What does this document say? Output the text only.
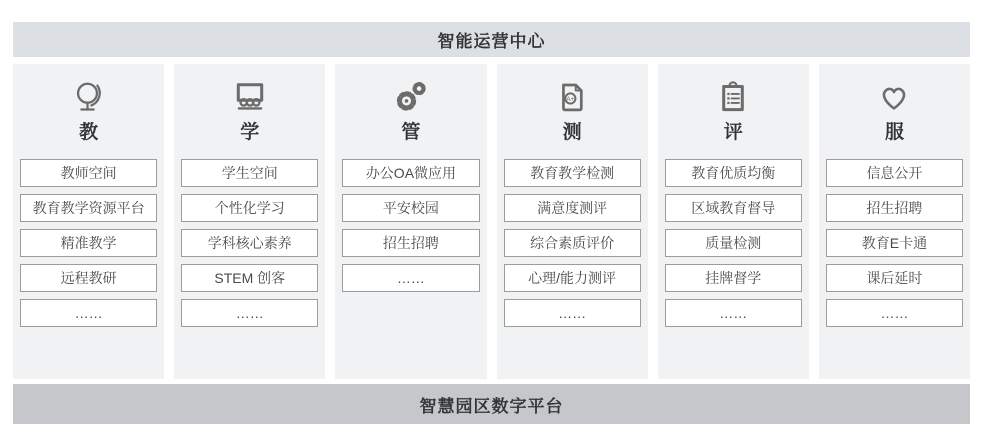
智能运营中心
教
教师空间
教育教学资源平台
精准教学
远程教研
……
学
学生空间
个性化学习
学科核心素养
STEM 创客
……
管
办公OA微应用
平安校园
招生招聘
……
A+
测
教育教学检测
满意度测评
综合素质评价
心理/能力测评
……
评
教育优质均衡
区域教育督导
质量检测
挂牌督学
……
服
信息公开
招生招聘
教育E卡通
课后延时
……
智慧园区数字平台
